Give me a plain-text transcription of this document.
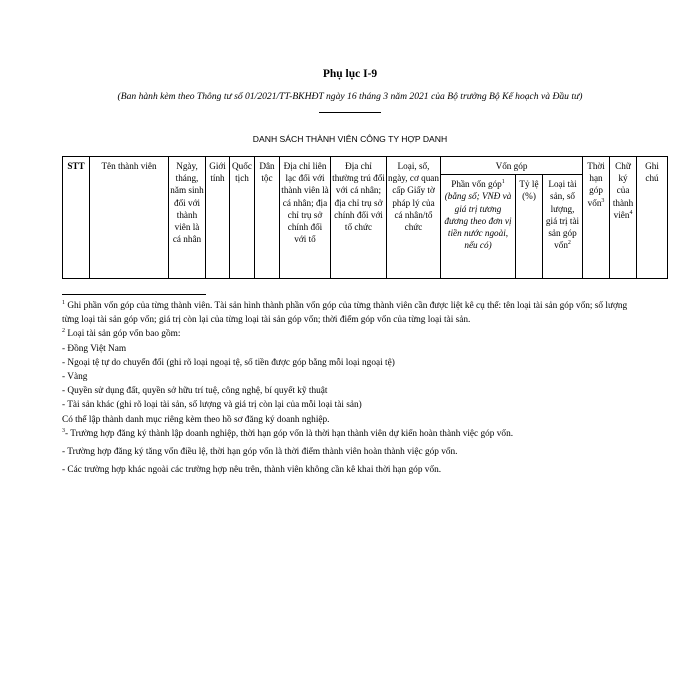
Phụ lục I-9
(Ban hành kèm theo Thông tư số 01/2021/TT-BKHĐT ngày 16 tháng 3 năm 2021 của Bộ trưởng Bộ Kế hoạch và Đầu tư)
DANH SÁCH THÀNH VIÊN CÔNG TY HỢP DANH
STT	Tên thành viên	Ngày, tháng, năm sinh đối với thành viên là cá nhân	Giới tính	Quốc tịch	Dân tộc	Địa chỉ liên lạc đối với thành viên là cá nhân; địa chỉ trụ sở chính đối với tổ	Địa chỉ thường trú đối với cá nhân; địa chỉ trụ sở chính đối với tổ chức	Loại, số, ngày, cơ quan cấp Giấy tờ pháp lý của cá nhân/tổ chức	Vốn góp			Thời hạn góp vốn$^3$	Chữ ký của thành viên$^4$	Ghi chú
									Phần vốn góp$^1$ (bằng số; VNĐ và giá trị tương đương theo đơn vị tiền nước ngoài, nếu có)	Tỷ lệ (%)	Loại tài sản, số lượng, giá trị tài sản góp vốn$^2$

$^1$ Ghi phần vốn góp của từng thành viên. Tài sản hình thành phần vốn góp của từng thành viên cần được liệt kê cụ thể: tên loại tài sản góp vốn; số lượng từng loại tài sản góp vốn; giá trị còn lại của từng loại tài sản góp vốn; thời điểm góp vốn của từng loại tài sản.

$^2$ Loại tài sản góp vốn bao gồm:

- Đồng Việt Nam

- Ngoại tệ tự do chuyển đổi (ghi rõ loại ngoại tệ, số tiền được góp bằng mỗi loại ngoại tệ)

- Vàng

- Quyền sử dụng đất, quyền sở hữu trí tuệ, công nghệ, bí quyết kỹ thuật

- Tài sản khác (ghi rõ loại tài sản, số lượng và giá trị còn lại của mỗi loại tài sản)

Có thể lập thành danh mục riêng kèm theo hồ sơ đăng ký doanh nghiệp.

$^3$- Trường hợp đăng ký thành lập doanh nghiệp, thời hạn góp vốn là thời hạn thành viên dự kiến hoàn thành việc góp vốn.

- Trường hợp đăng ký tăng vốn điều lệ, thời hạn góp vốn là thời điểm thành viên hoàn thành việc góp vốn.

- Các trường hợp khác ngoài các trường hợp nêu trên, thành viên không cần kê khai thời hạn góp vốn.
